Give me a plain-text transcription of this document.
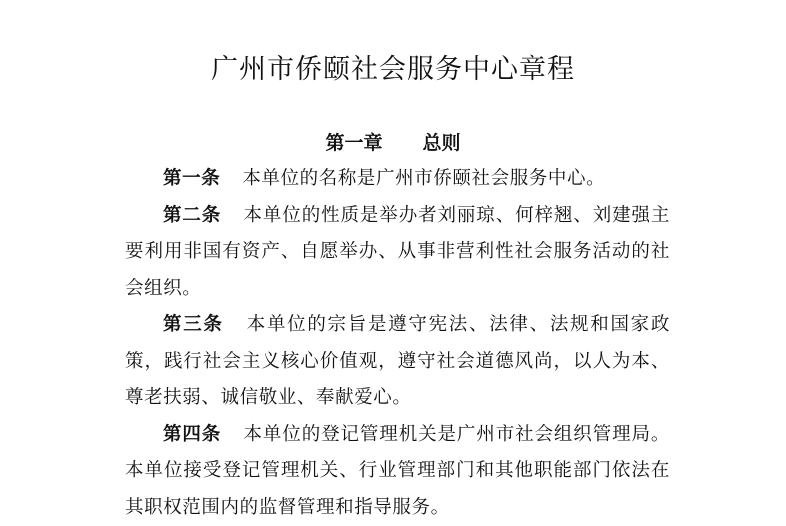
广州市侨颐社会服务中心章程
第一章 总则

第一条 本单位的名称是广州市侨颐社会服务中心。

第二条 本单位的性质是举办者刘丽琼、何梓翘、刘建强主要利用非国有资产、自愿举办、从事非营利性社会服务活动的社会组织。

第三条 本单位的宗旨是遵守宪法、法律、法规和国家政策，践行社会主义核心价值观，遵守社会道德风尚，以人为本、尊老扶弱、诚信敬业、奉献爱心。

第四条 本单位的登记管理机关是广州市社会组织管理局。本单位接受登记管理机关、行业管理部门和其他职能部门依法在其职权范围内的监督管理和指导服务。
